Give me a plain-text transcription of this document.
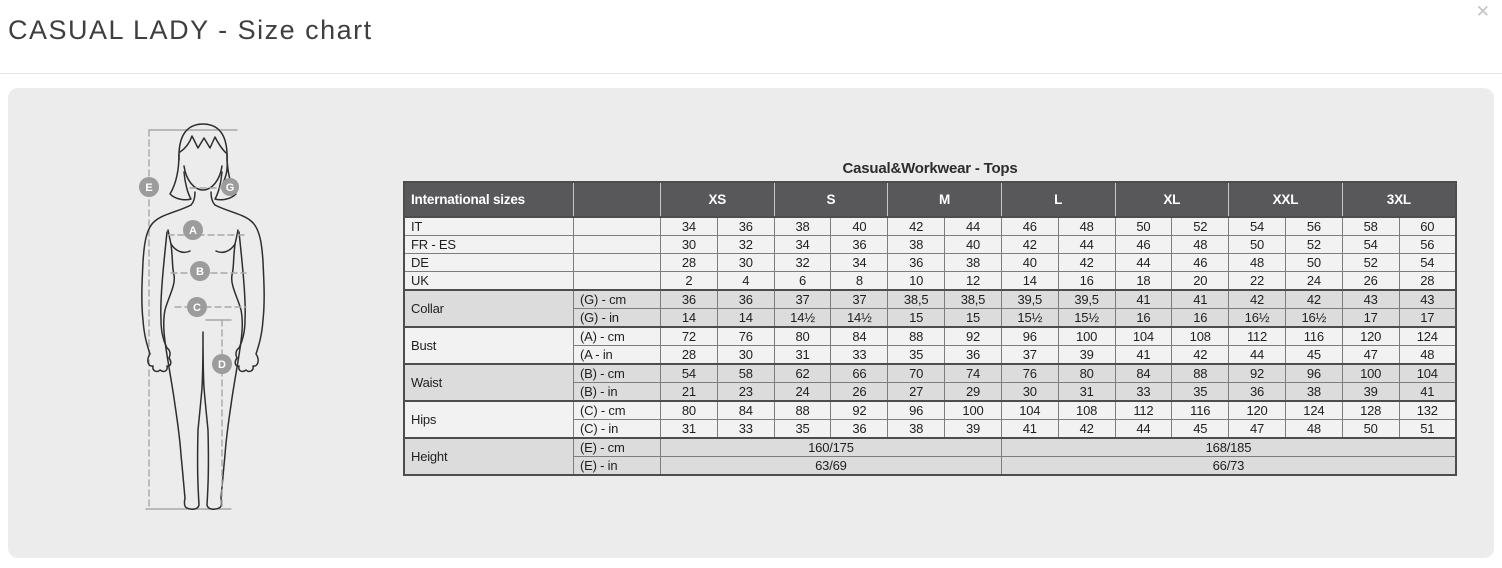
CASUAL LADY - Size chart
✕
E	G
A
B
C
D
Casual&Workwear - Tops
International sizes		XS		S		M		L		XL		XXL		3XL	
IT		34	36	38	40	42	44	46	48	50	52	54	56	58	60
FR - ES		30	32	34	36	38	40	42	44	46	48	50	52	54	56
DE		28	30	32	34	36	38	40	42	44	46	48	50	52	54
UK		2	4	6	8	10	12	14	16	18	20	22	24	26	28
Collar	(G) - cm	36	36	37	37	38,5	38,5	39,5	39,5	41	41	42	42	43	43
	(G) - in	14	14	14½	14½	15	15	15½	15½	16	16	16½	16½	17	17
Bust	(A) - cm	72	76	80	84	88	92	96	100	104	108	112	116	120	124
	(A - in	28	30	31	33	35	36	37	39	41	42	44	45	47	48
Waist	(B) - cm	54	58	62	66	70	74	76	80	84	88	92	96	100	104
	(B) - in	21	23	24	26	27	29	30	31	33	35	36	38	39	41
Hips	(C) - cm	80	84	88	92	96	100	104	108	112	116	120	124	128	132
	(C) - in	31	33	35	36	38	39	41	42	44	45	47	48	50	51
Height	(E) - cm	160/175						168/185							
	(E) - in	63/69						66/73							
